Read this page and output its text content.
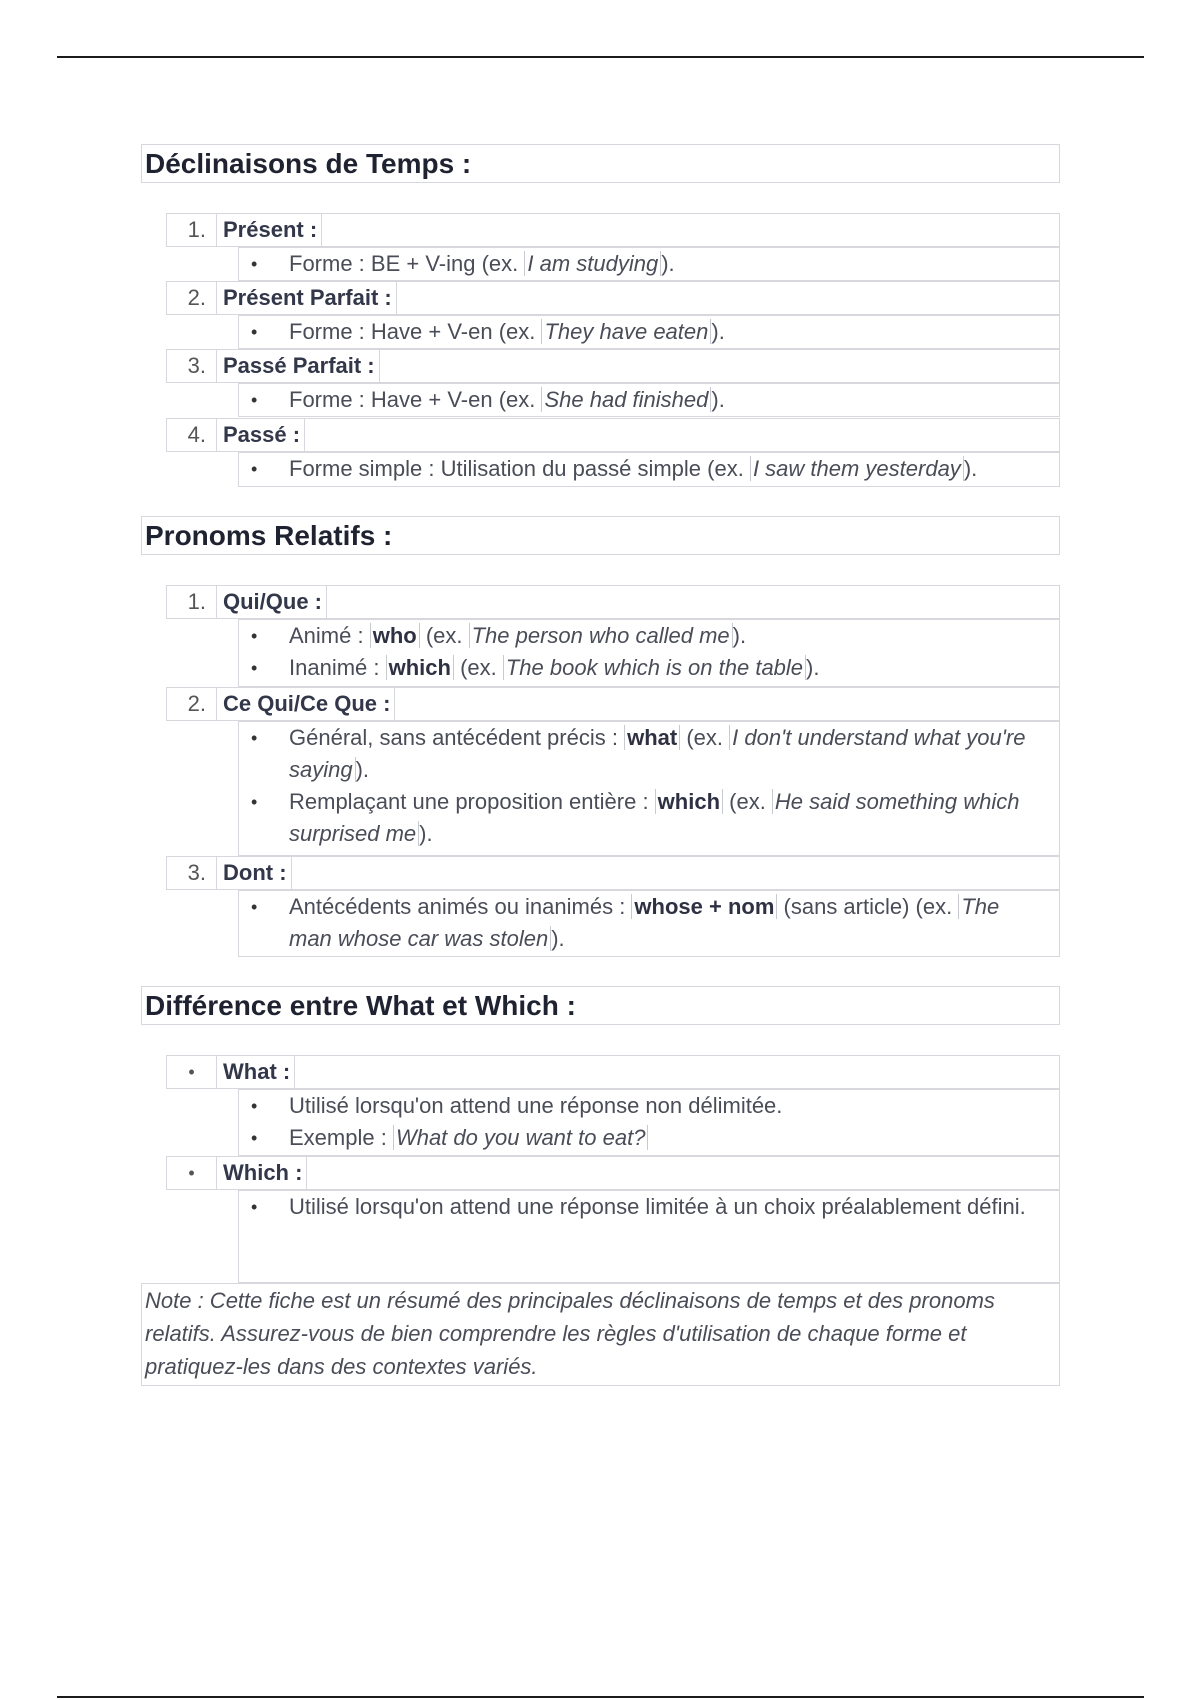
Déclinaisons de Temps :
1. Présent :
• Forme : BE + V-ing (ex. I am studying ).
2. Présent Parfait :
• Forme : Have + V-en (ex. They have eaten ).
3. Passé Parfait :
• Forme : Have + V-en (ex. She had finished ).
4. Passé :
• Forme simple : Utilisation du passé simple (ex. I saw them yesterday ).
Pronoms Relatifs :
1. Qui/Que :
• Animé : who (ex. The person who called me ).
• Inanimé : which (ex. The book which is on the table ).
2. Ce Qui/Ce Que :
• Général, sans antécédent précis : what (ex. I don't understand what you're saying ).
• Remplaçant une proposition entière : which (ex. He said something which surprised me ).
3. Dont :
• Antécédents animés ou inanimés : whose + nom (sans article) (ex. The man whose car was stolen ).
Différence entre What et Which :
•	What :
• Utilisé lorsqu'on attend une réponse non délimitée.
• Exemple : What do you want to eat?
•	Which :
• Utilisé lorsqu'on attend une réponse limitée à un choix préalablement défini.
Note : Cette fiche est un résumé des principales déclinaisons de temps et des pronoms relatifs. Assurez-vous de bien comprendre les règles d'utilisation de chaque forme et pratiquez-les dans des contextes variés.
